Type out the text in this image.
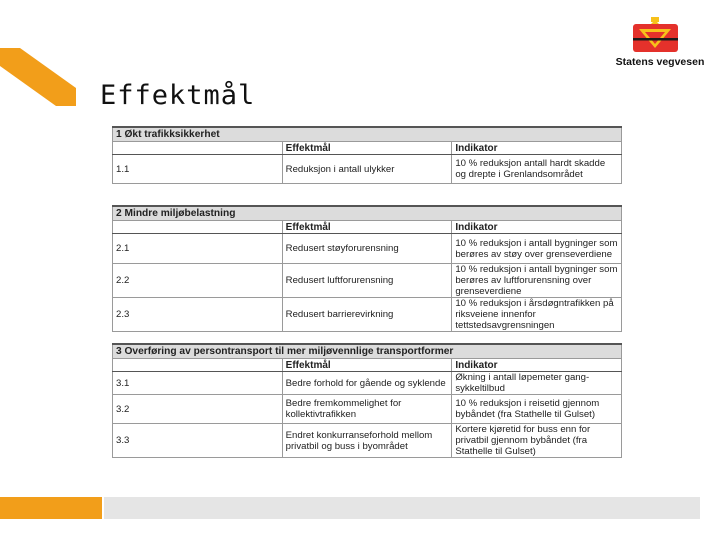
Effektmål
Statens vegvesen
1 Økt trafikksikkerhet		
	Effektmål	Indikator
1.1	Reduksjon i antall ulykker	10 % reduksjon antall hardt skadde og drepte i Grenlandsområdet
2 Mindre miljøbelastning		
	Effektmål	Indikator
2.1	Redusert støyforurensning	10 % reduksjon i antall bygninger som berøres av støy over grenseverdiene
2.2	Redusert luftforurensning	10 % reduksjon i antall bygninger som berøres av luftforurensning over grenseverdiene
2.3	Redusert barrierevirkning	10 % reduksjon i årsdøgntrafikken på riksveiene innenfor tettstedsavgrensningen
3 Overføring av persontransport til mer miljøvennlige transportformer		
	Effektmål	Indikator
3.1	Bedre forhold for gående og syklende	Økning i antall løpemeter gang- sykkeltilbud
3.2	Bedre fremkommelighet for kollektivtrafikken	10 % reduksjon i reisetid gjennom bybåndet (fra Stathelle til Gulset)
3.3	Endret konkurranseforhold mellom privatbil og buss i byområdet	Kortere kjøretid for buss enn for privatbil gjennom bybåndet (fra Stathelle til Gulset)
